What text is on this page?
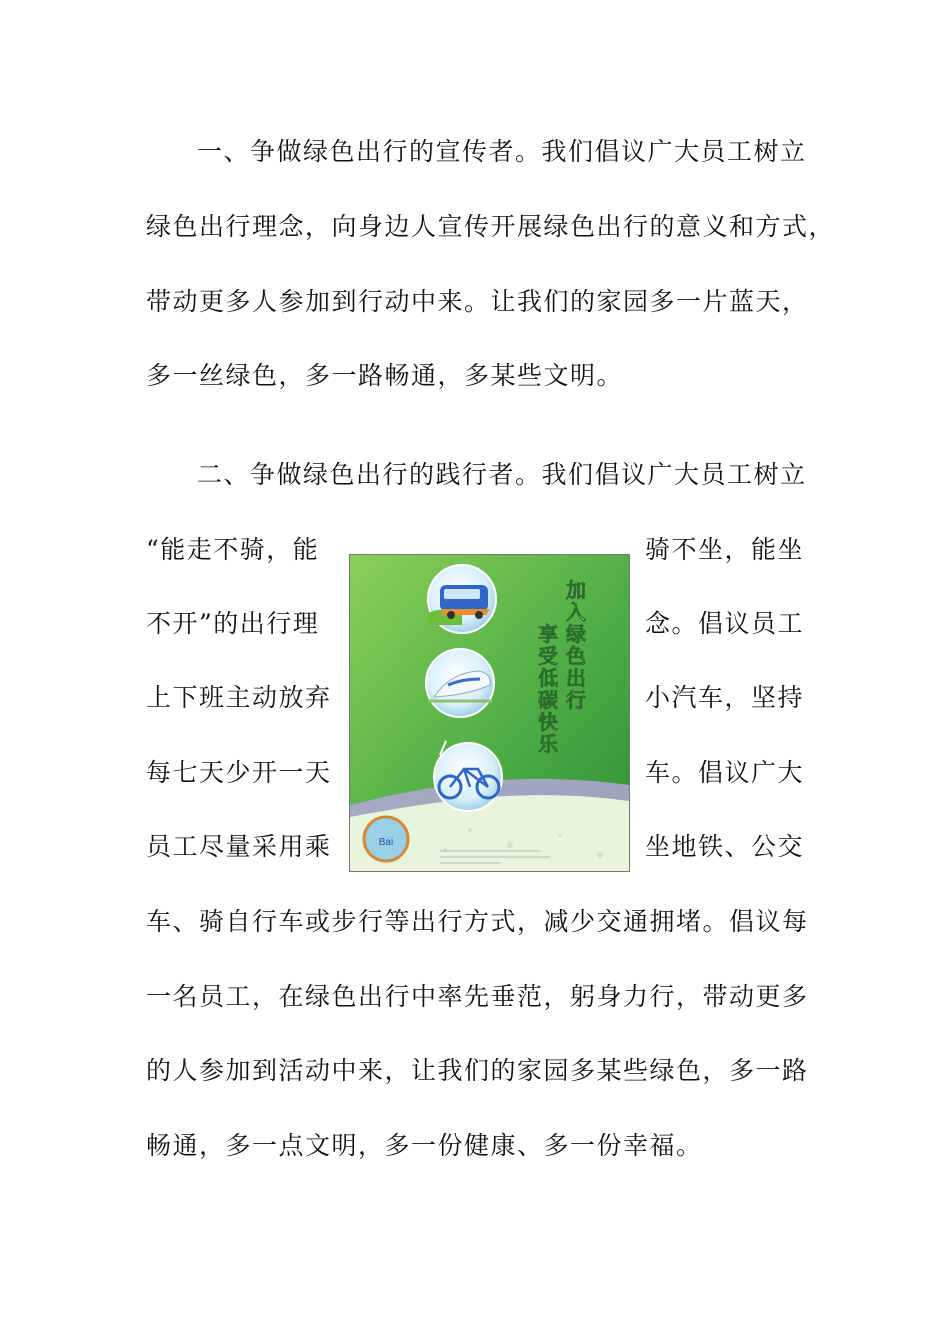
一、争做绿色出行的宣传者。我们倡议广大员工树立
绿色出行理念，向身边人宣传开展绿色出行的意义和方式，
带动更多人参加到行动中来。让我们的家园多一片蓝天，
多一丝绿色，多一路畅通，多某些文明。
二、争做绿色出行的践行者。我们倡议广大员工树立
“能走不骑，能	骑不坐，能坐
不开”的出行理	念。倡议员工
上下班主动放弃	小汽车，坚持
每七天少开一天	车。倡议广大
员工尽量采用乘	坐地铁、公交
车、骑自行车或步行等出行方式，减少交通拥堵。倡议每
一名员工，在绿色出行中率先垂范，躬身力行，带动更多
的人参加到活动中来，让我们的家园多某些绿色，多一路
畅通，多一点文明，多一份健康、多一份幸福。
加
入
绿
色
出
行
享
受
低
碳
快
乐
Bai
